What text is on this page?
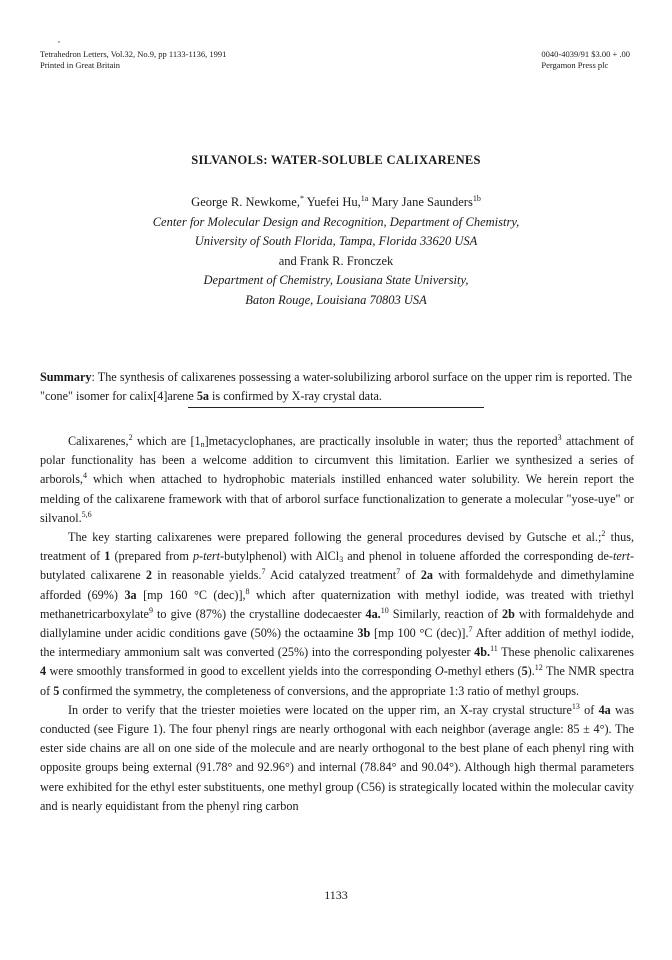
Tetrahedron Letters, Vol.32, No.9, pp 1133-1136, 1991
Printed in Great Britain
0040-4039/91 $3.00 + .00
Pergamon Press plc
SILVANOLS: WATER-SOLUBLE CALIXARENES
George R. Newkome,* Yuefei Hu,$^{1a}$ Mary Jane Saunders$^{1b}$
Center for Molecular Design and Recognition, Department of Chemistry,
University of South Florida, Tampa, Florida 33620 USA
and Frank R. Fronczek
Department of Chemistry, Lousiana State University,
Baton Rouge, Louisiana 70803 USA
Summary: The synthesis of calixarenes possessing a water-solubilizing arborol surface on the upper rim is reported. The "cone" isomer for calix[4]arene 5a is confirmed by X-ray crystal data.

Calixarenes,$^2$ which are $[1_n]metacyclophanes$, are practically insoluble in water; thus the reported$^3$ attachment of polar functionality has been a welcome addition to circumvent this limitation. Earlier we synthesized a series of arborols,$^4$ which when attached to hydrophobic materials instilled enhanced water solubility. We herein report the melding of the calixarene framework with that of arborol surface functionalization to generate a molecular "yose-uye" or silvanol.$^{5,6}$

The key starting calixarenes were prepared following the general procedures devised by Gutsche et al.;$^2$ thus, treatment of 1 (prepared from p-tert-butylphenol) with AlCl$_3$ and phenol in toluene afforded the corresponding de-tert-butylated calixarene 2 in reasonable yields.$^7$ Acid catalyzed treatment$^7$ of 2a with formaldehyde and dimethylamine afforded (69%) 3a [mp 160 °C (dec)],$^8$ which after quaternization with methyl iodide, was treated with triethyl methanetricarboxylate$^9$ to give (87%) the crystalline dodecaester 4a.$^{10}$ Similarly, reaction of 2b with formaldehyde and diallylamine under acidic conditions gave (50%) the octaamine 3b [mp 100 °C (dec)].$^7$ After addition of methyl iodide, the intermediary ammonium salt was converted (25%) into the corresponding polyester 4b.$^{11}$ These phenolic calixarenes 4 were smoothly transformed in good to excellent yields into the corresponding O-methyl ethers (5).$^{12}$ The NMR spectra of 5 confirmed the symmetry, the completeness of conversions, and the appropriate 1:3 ratio of methyl groups.

In order to verify that the triester moieties were located on the upper rim, an X-ray crystal structure$^{13}$ of 4a was conducted (see Figure 1). The four phenyl rings are nearly orthogonal with each neighbor (average angle: 85 ± 4°). The ester side chains are all on one side of the molecule and are nearly orthogonal to the best plane of each phenyl ring with opposite groups being external (91.78° and 92.96°) and internal (78.84° and 90.04°). Although high thermal parameters were exhibited for the ethyl ester substituents, one methyl group (C56) is strategically located within the molecular cavity and is nearly equidistant from the phenyl ring carbon

1133
